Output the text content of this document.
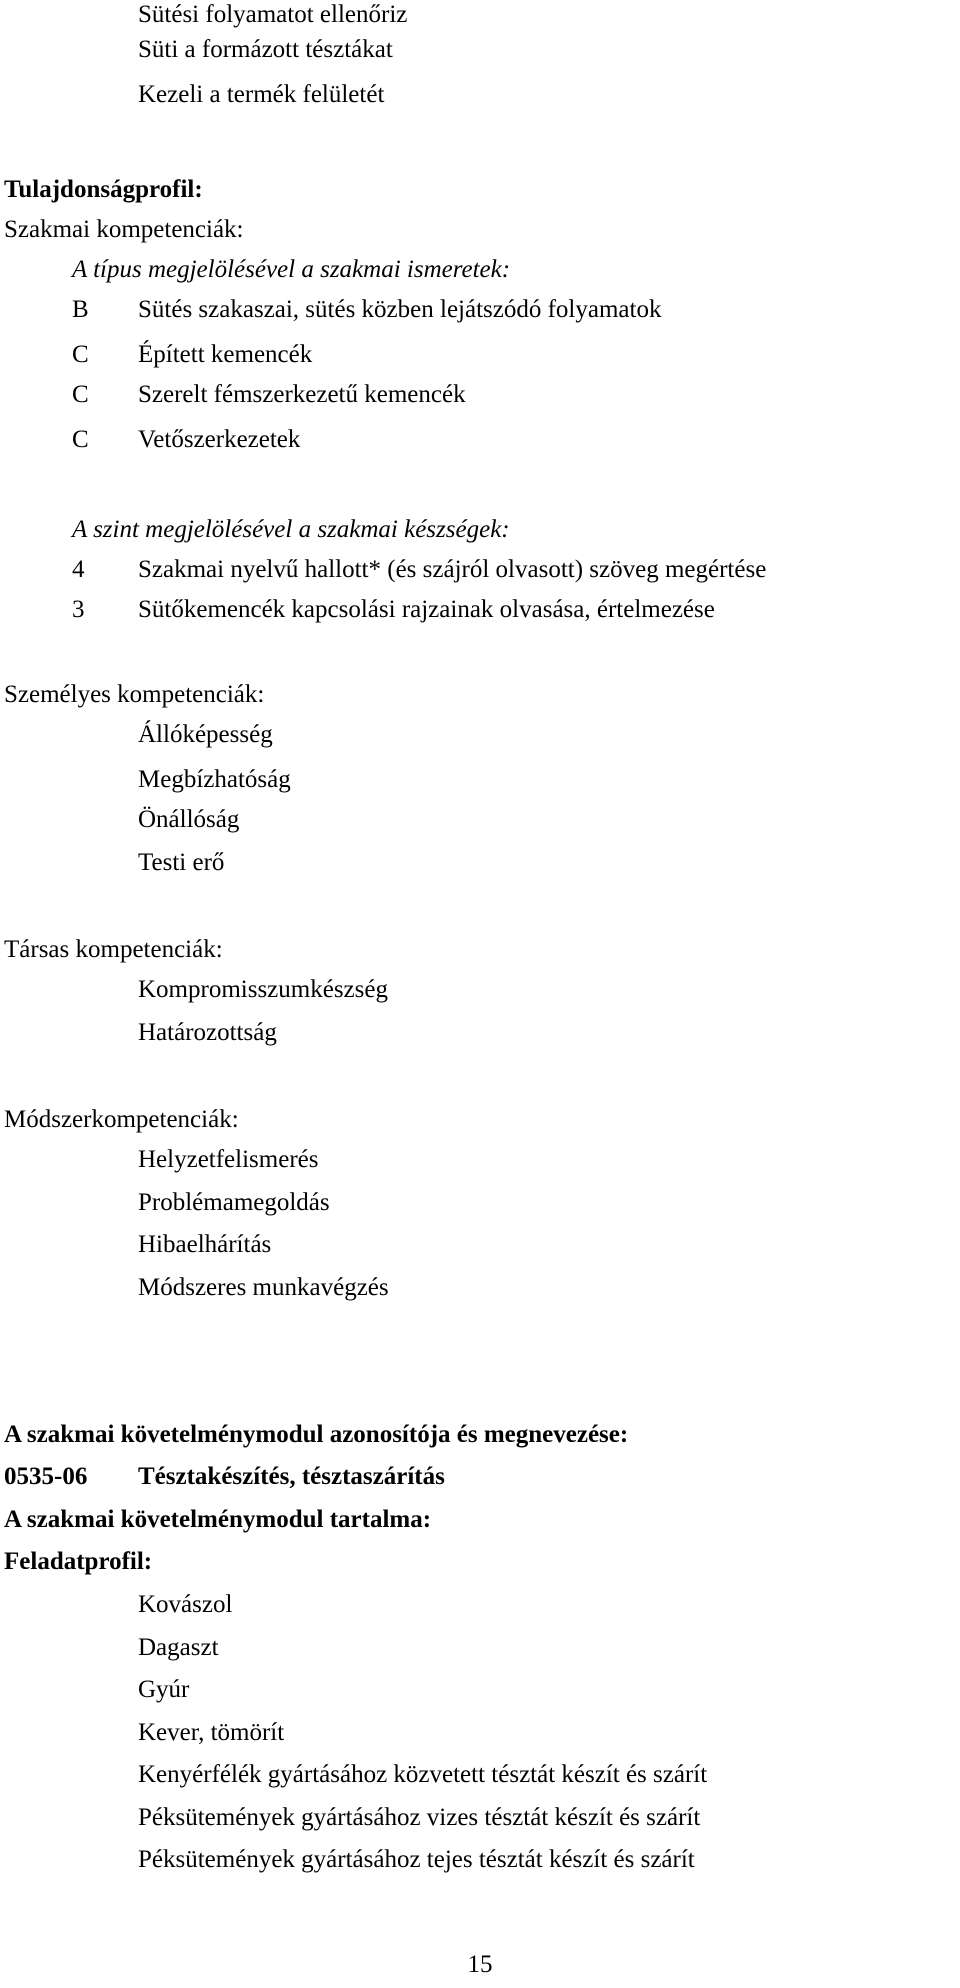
Sütési folyamatot ellenőriz
Süti a formázott tésztákat
Kezeli a termék felületét
Tulajdonságprofil:
Szakmai kompetenciák:
A típus megjelölésével a szakmai ismeretek:
B Sütés szakaszai, sütés közben lejátszódó folyamatok
C Épített kemencék
C Szerelt fémszerkezetű kemencék
C Vetőszerkezetek
A szint megjelölésével a szakmai készségek:
4 Szakmai nyelvű hallott* (és szájról olvasott) szöveg megértése
3 Sütőkemencék kapcsolási rajzainak olvasása, értelmezése
Személyes kompetenciák:
Állóképesség
Megbízhatóság
Önállóság
Testi erő
Társas kompetenciák:
Kompromisszumkészség
Határozottság
Módszerkompetenciák:
Helyzetfelismerés
Problémamegoldás
Hibaelhárítás
Módszeres munkavégzés
A szakmai követelménymodul azonosítója és megnevezése:
0535-06 Tésztakészítés, tésztaszárítás
A szakmai követelménymodul tartalma:
Feladatprofil:
Kovászol
Dagaszt
Gyúr
Kever, tömörít
Kenyérfélék gyártásához közvetett tésztát készít és szárít
Péksütemények gyártásához vizes tésztát készít és szárít
Péksütemények gyártásához tejes tésztát készít és szárít
15
